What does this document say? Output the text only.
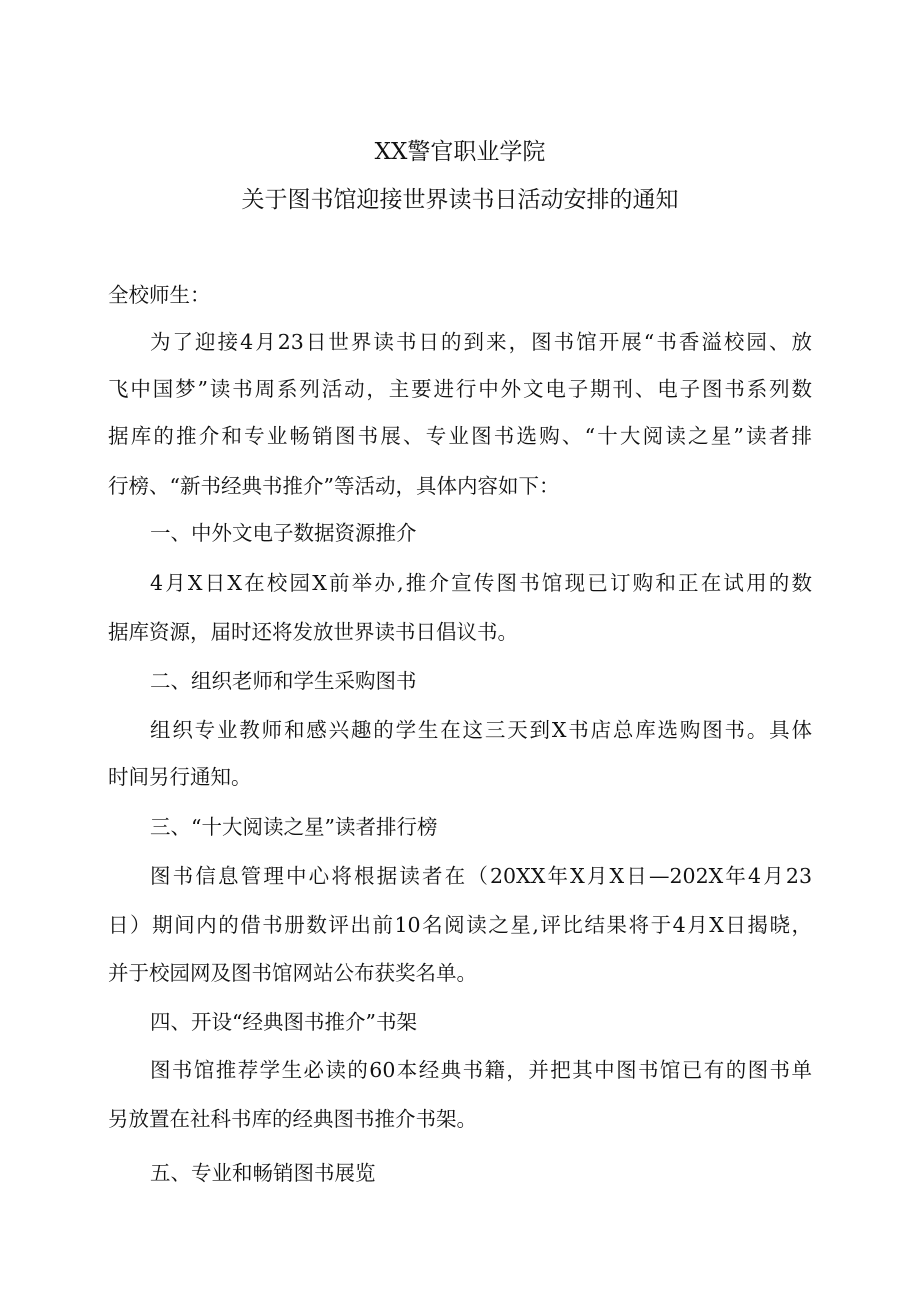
XX警官职业学院
关于图书馆迎接世界读书日活动安排的通知
全校师生：
为了迎接4月23日世界读书日的到来，图书馆开展“书香溢校园、放
飞中国梦”读书周系列活动，主要进行中外文电子期刊、电子图书系列数
据库的推介和专业畅销图书展、专业图书选购、“十大阅读之星”读者排
行榜、“新书经典书推介”等活动，具体内容如下：
一、中外文电子数据资源推介
4月X日X在校园X前举办,推介宣传图书馆现已订购和正在试用的数
据库资源，届时还将发放世界读书日倡议书。
二、组织老师和学生采购图书
组织专业教师和感兴趣的学生在这三天到X书店总库选购图书。具体
时间另行通知。
三、“十大阅读之星”读者排行榜
图书信息管理中心将根据读者在（20XX年X月X日—202X年4月23
日）期间内的借书册数评出前10名阅读之星,评比结果将于4月X日揭晓，
并于校园网及图书馆网站公布获奖名单。
四、开设“经典图书推介”书架
图书馆推荐学生必读的60本经典书籍，并把其中图书馆已有的图书单
另放置在社科书库的经典图书推介书架。
五、专业和畅销图书展览
